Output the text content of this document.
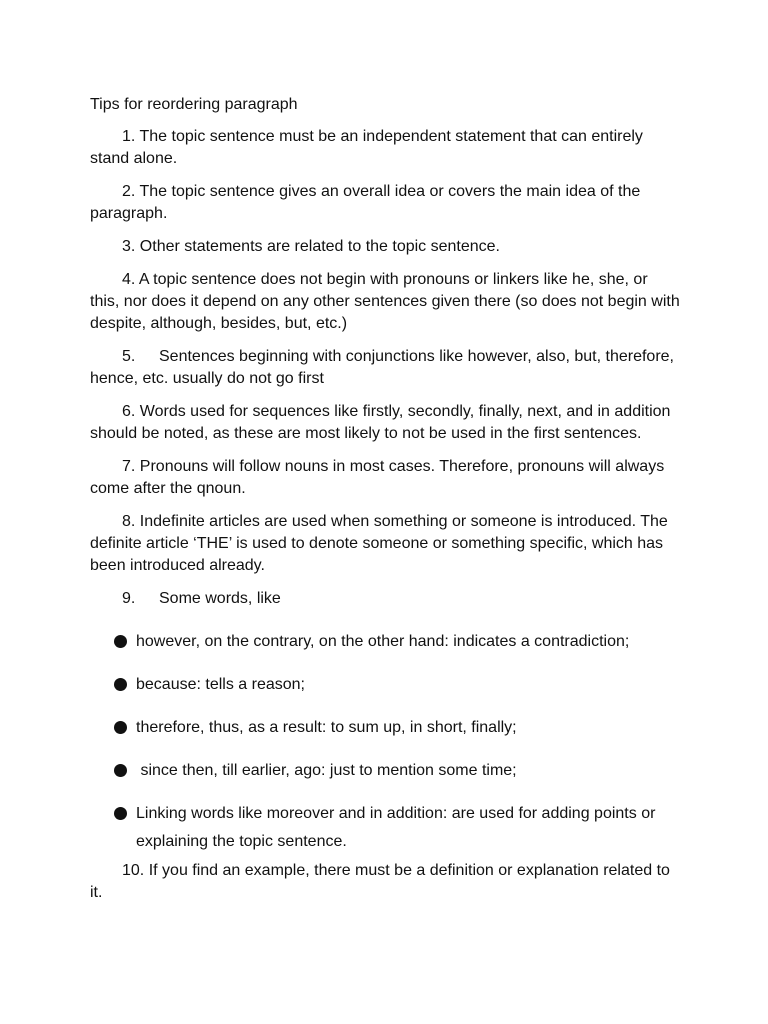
Tips for reordering paragraph

1. The topic sentence must be an independent statement that can entirely stand alone.

2. The topic sentence gives an overall idea or covers the main idea of the paragraph.

3. Other statements are related to the topic sentence.

4. A topic sentence does not begin with pronouns or linkers like he, she, or this, nor does it depend on any other sentences given there (so does not begin with despite, although, besides, but, etc.)

5. Sentences beginning with conjunctions like however, also, but, therefore, hence, etc. usually do not go first

6. Words used for sequences like firstly, secondly, finally, next, and in addition should be noted, as these are most likely to not be used in the first sentences.

7. Pronouns will follow nouns in most cases. Therefore, pronouns will always come after the qnoun.

8. Indefinite articles are used when something or someone is introduced. The definite article ‘THE’ is used to denote someone or something specific, which has been introduced already.

9. Some words, like

however, on the contrary, on the other hand: indicates a contradiction;
because: tells a reason;
therefore, thus, as a result: to sum up, in short, finally;
since then, till earlier, ago: just to mention some time;
Linking words like moreover and in addition: are used for adding points or explaining the topic sentence.

10. If you find an example, there must be a definition or explanation related to it.
